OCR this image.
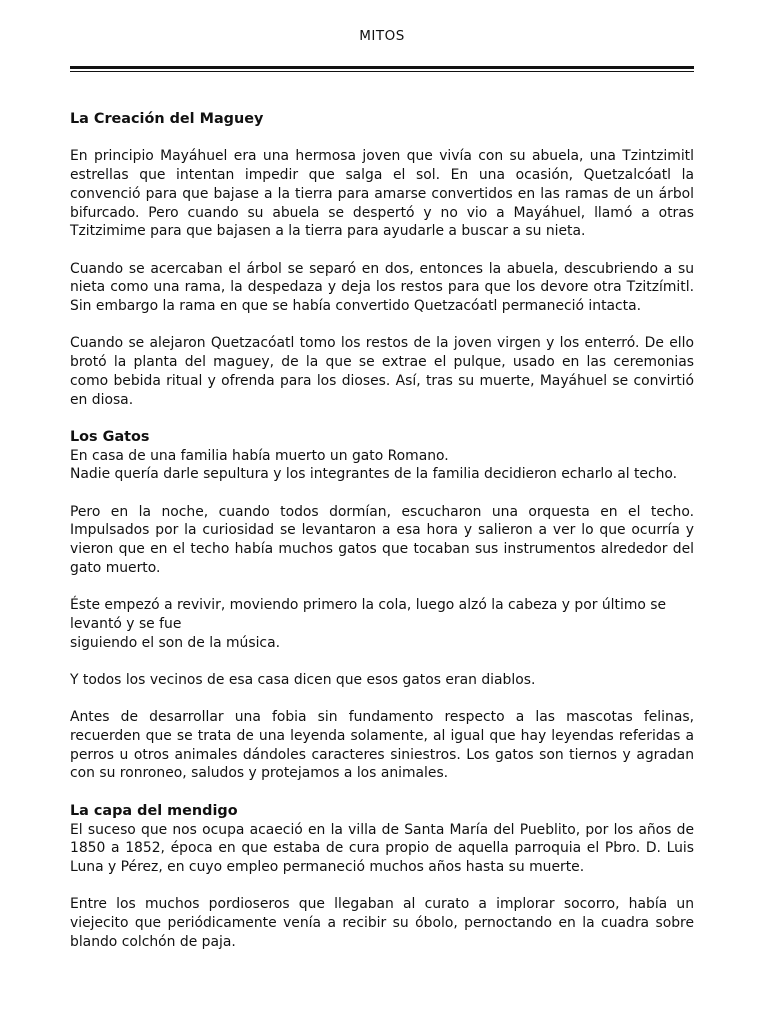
MITOS
La Creación del Maguey

En principio Mayáhuel era una hermosa joven que vivía con su abuela, una Tzintzimitl estrellas que intentan impedir que salga el sol. En una ocasión, Quetzalcóatl la convenció para que bajase a la tierra para amarse convertidos en las ramas de un árbol bifurcado. Pero cuando su abuela se despertó y no vio a Mayáhuel, llamó a otras Tzitzimime para que bajasen a la tierra para ayudarle a buscar a su nieta.

Cuando se acercaban el árbol se separó en dos, entonces la abuela, descubriendo a su nieta como una rama, la despedaza y deja los restos para que los devore otra Tzitzímitl. Sin embargo la rama en que se había convertido Quetzacóatl permaneció intacta.

Cuando se alejaron Quetzacóatl tomo los restos de la joven virgen y los enterró. De ello brotó la planta del maguey, de la que se extrae el pulque, usado en las ceremonias como bebida ritual y ofrenda para los dioses. Así, tras su muerte, Mayáhuel se convirtió en diosa.

Los Gatos

En casa de una familia había muerto un gato Romano.
Nadie quería darle sepultura y los integrantes de la familia decidieron echarlo al techo.

Pero en la noche, cuando todos dormían, escucharon una orquesta en el techo. Impulsados por la curiosidad se levantaron a esa hora y salieron a ver lo que ocurría y vieron que en el techo había muchos gatos que tocaban sus instrumentos alrededor del gato muerto.

Éste empezó a revivir, moviendo primero la cola, luego alzó la cabeza y por último se levantó y se fue

siguiendo el son de la música.

Y todos los vecinos de esa casa dicen que esos gatos eran diablos.

Antes de desarrollar una fobia sin fundamento respecto a las mascotas felinas, recuerden que se trata de una leyenda solamente, al igual que hay leyendas referidas a perros u otros animales dándoles caracteres siniestros. Los gatos son tiernos y agradan con su ronroneo, saludos y protejamos a los animales.

La capa del mendigo

El suceso que nos ocupa acaeció en la villa de Santa María del Pueblito, por los años de 1850 a 1852, época en que estaba de cura propio de aquella parroquia el Pbro. D. Luis Luna y Pérez, en cuyo empleo permaneció muchos años hasta su muerte.

Entre los muchos pordioseros que llegaban al curato a implorar socorro, había un viejecito que periódicamente venía a recibir su óbolo, pernoctando en la cuadra sobre blando colchón de paja.
